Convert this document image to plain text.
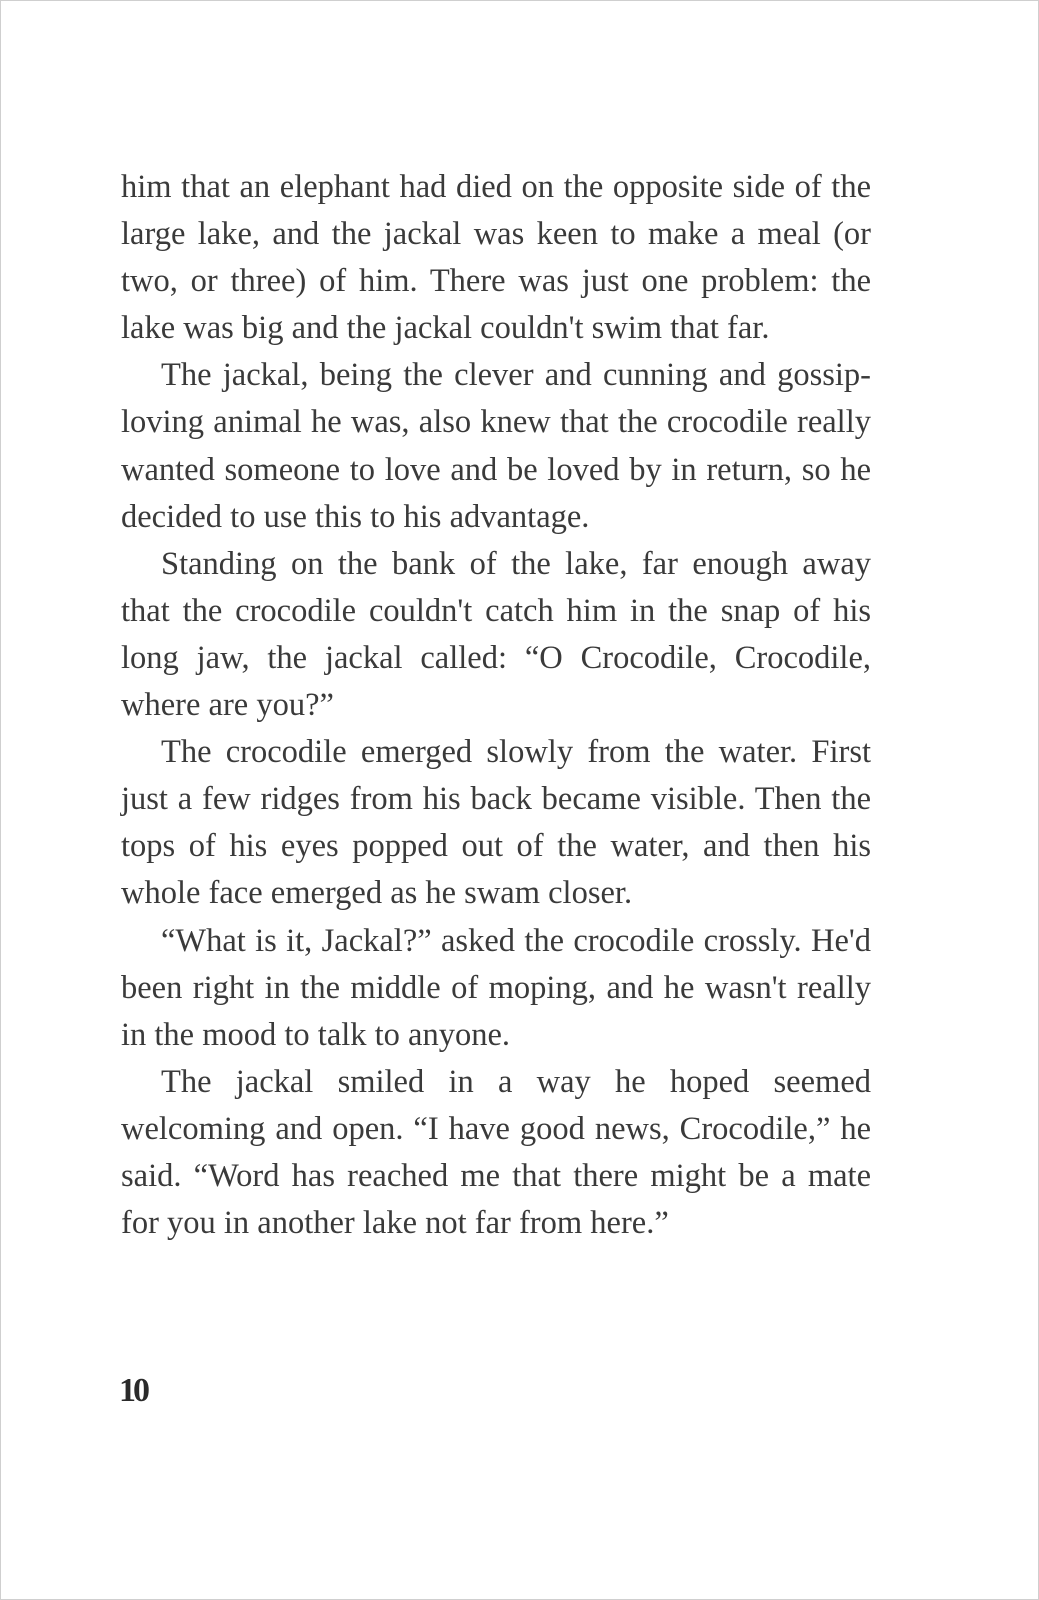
him that an elephant had died on the opposite side of the large lake, and the jackal was keen to make a meal (or two, or three) of him. There was just one problem: the lake was big and the jackal couldn't swim that far.

The jackal, being the clever and cunning and gossip-loving animal he was, also knew that the crocodile really wanted someone to love and be loved by in return, so he decided to use this to his advantage.

Standing on the bank of the lake, far enough away that the crocodile couldn't catch him in the snap of his long jaw, the jackal called: “O Crocodile, Crocodile, where are you?”

The crocodile emerged slowly from the water. First just a few ridges from his back became visible. Then the tops of his eyes popped out of the water, and then his whole face emerged as he swam closer.

“What is it, Jackal?” asked the crocodile crossly. He'd been right in the middle of moping, and he wasn't really in the mood to talk to anyone.

The jackal smiled in a way he hoped seemed welcoming and open. “I have good news, Crocodile,” he said. “Word has reached me that there might be a mate for you in another lake not far from here.”

10
